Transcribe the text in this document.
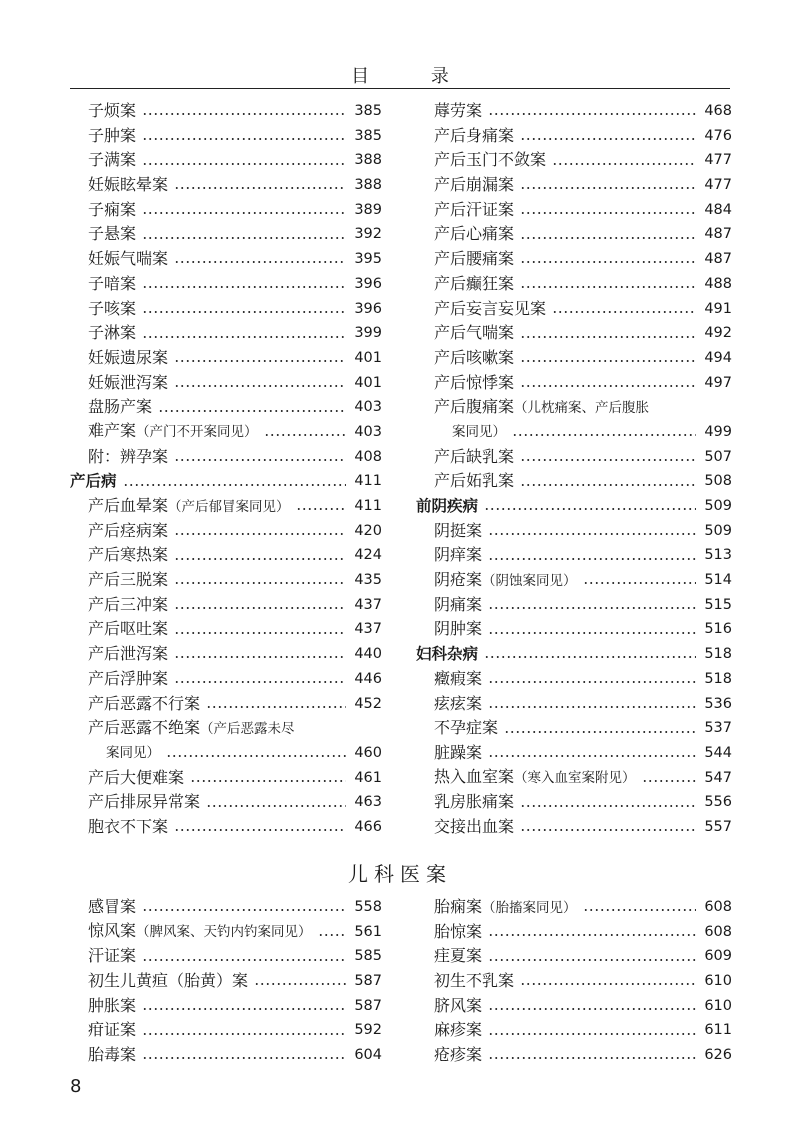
目 录
子烦案	385
子肿案	385
子满案	388
妊娠眩晕案	388
子痫案	389
子悬案	392
妊娠气喘案	395
子喑案	396
子咳案	396
子淋案	399
妊娠遗尿案	401
妊娠泄泻案	401
盘肠产案	403
难产案（产门不开案同见）	403
附：辨孕案	408
产后病	411
产后血晕案（产后郁冒案同见）	411
产后痉病案	420
产后寒热案	424
产后三脱案	435
产后三冲案	437
产后呕吐案	437
产后泄泻案	440
产后浮肿案	446
产后恶露不行案	452
产后恶露不绝案（产后恶露未尽
案同见）	460
产后大便难案	461
产后排尿异常案	463
胞衣不下案	466
蓐劳案	468
产后身痛案	476
产后玉门不敛案	477
产后崩漏案	477
产后汗证案	484
产后心痛案	487
产后腰痛案	487
产后癫狂案	488
产后妄言妄见案	491
产后气喘案	492
产后咳嗽案	494
产后惊悸案	497
产后腹痛案（儿枕痛案、产后腹胀
案同见）	499
产后缺乳案	507
产后妬乳案	508
前阴疾病	509
阴挺案	509
阴痒案	513
阴疮案（阴蚀案同见）	514
阴痛案	515
阴肿案	516
妇科杂病	518
癥瘕案	518
痃痃案	536
不孕症案	537
脏躁案	544
热入血室案（寒入血室案附见）	547
乳房胀痛案	556
交接出血案	557
儿科医案
感冒案	558
惊风案（脾风案、天钓内钓案同见）	561
汗证案	585
初生儿黄疸（胎黄）案	587
肿胀案	587
疳证案	592
胎毒案	604
胎痫案（胎搐案同见）	608
胎惊案	608
疰夏案	609
初生不乳案	610
脐风案	610
麻疹案	611
疮疹案	626
8
